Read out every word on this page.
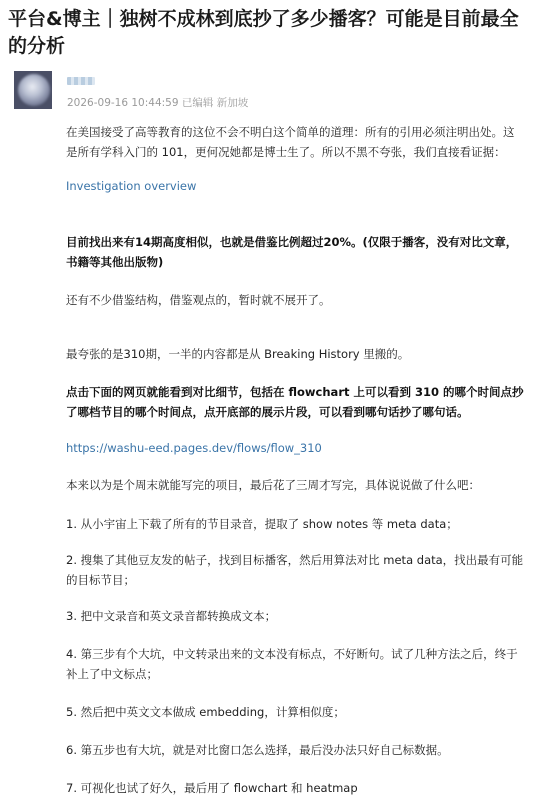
平台&博主｜独树不成林到底抄了多少播客？可能是目前最全的分析

2026-09-16 10:44:59 已编辑 新加坡

在美国接受了高等教育的这位不会不明白这个简单的道理：所有的引用必须注明出处。这是所有学科入门的 101，更何况她都是博士生了。所以不黑不夸张，我们直接看证据：

Investigation overview

目前找出来有14期高度相似，也就是借鉴比例超过20%。(仅限于播客，没有对比文章，书籍等其他出版物)

还有不少借鉴结构，借鉴观点的，暂时就不展开了。

最夸张的是310期，一半的内容都是从 Breaking History 里搬的。

点击下面的网页就能看到对比细节，包括在 flowchart 上可以看到 310 的哪个时间点抄了哪档节目的哪个时间点，点开底部的展示片段，可以看到哪句话抄了哪句话。

https://washu-eed.pages.dev/flows/flow_310

本来以为是个周末就能写完的项目，最后花了三周才写完，具体说说做了什么吧：

1. 从小宇宙上下载了所有的节目录音，提取了 show notes 等 meta data；

2. 搜集了其他豆友发的帖子，找到目标播客，然后用算法对比 meta data，找出最有可能的目标节目；

3. 把中文录音和英文录音都转换成文本；

4. 第三步有个大坑，中文转录出来的文本没有标点，不好断句。试了几种方法之后，终于补上了中文标点；

5. 然后把中英文文本做成 embedding，计算相似度；

6. 第五步也有大坑，就是对比窗口怎么选择，最后没办法只好自己标数据。

7. 可视化也试了好久，最后用了 flowchart 和 heatmap
